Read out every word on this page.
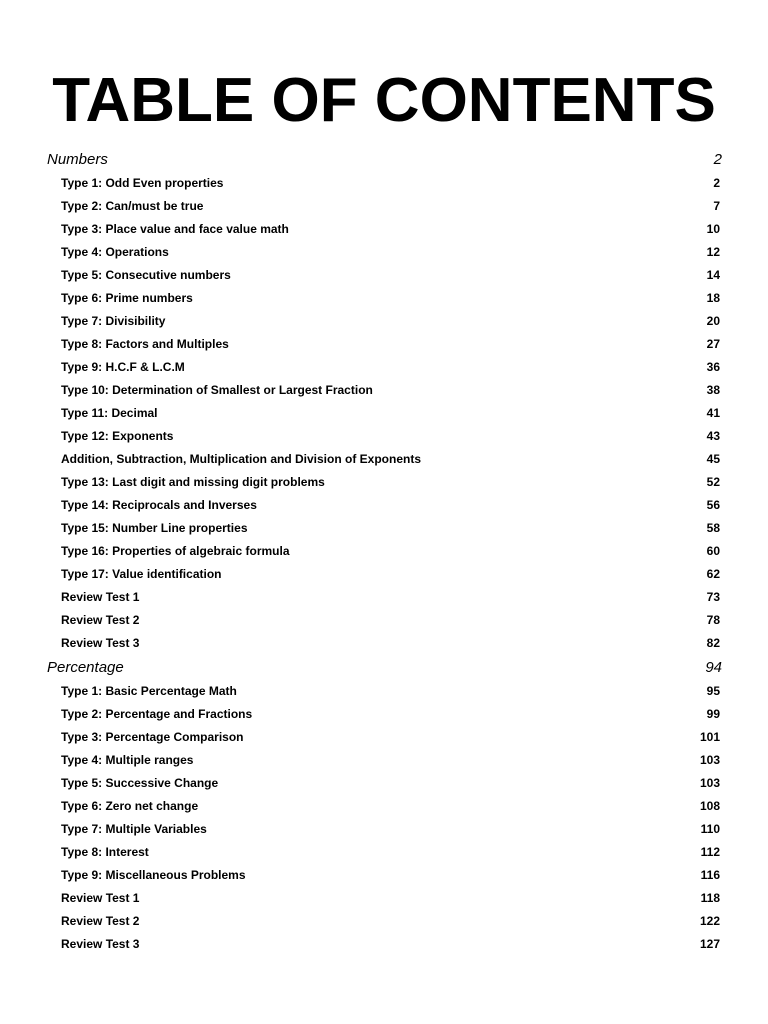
TABLE OF CONTENTS
Numbers	2
Type 1: Odd Even properties	2
Type 2: Can/must be true	7
Type 3: Place value and face value math	10
Type 4: Operations	12
Type 5: Consecutive numbers	14
Type 6: Prime numbers	18
Type 7: Divisibility	20
Type 8: Factors and Multiples	27
Type 9: H.C.F & L.C.M	36
Type 10: Determination of Smallest or Largest Fraction	38
Type 11: Decimal	41
Type 12: Exponents	43
Addition, Subtraction, Multiplication and Division of Exponents	45
Type 13: Last digit and missing digit problems	52
Type 14: Reciprocals and Inverses	56
Type 15: Number Line properties	58
Type 16: Properties of algebraic formula	60
Type 17: Value identification	62
Review Test 1	73
Review Test 2	78
Review Test 3	82
Percentage	94
Type 1: Basic Percentage Math	95
Type 2: Percentage and Fractions	99
Type 3: Percentage Comparison	101
Type 4: Multiple ranges	103
Type 5: Successive Change	103
Type 6: Zero net change	108
Type 7: Multiple Variables	110
Type 8: Interest	112
Type 9: Miscellaneous Problems	116
Review Test 1	118
Review Test 2	122
Review Test 3	127
